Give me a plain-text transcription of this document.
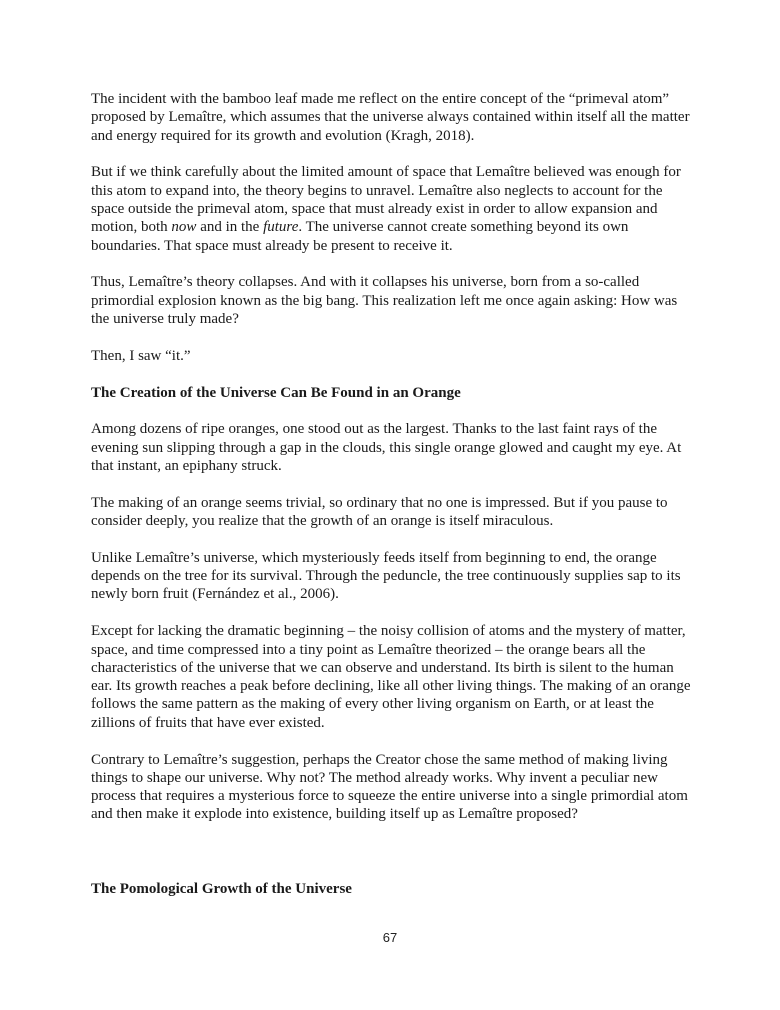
The incident with the bamboo leaf made me reflect on the entire concept of the “primeval atom” proposed by Lemaître, which assumes that the universe always contained within itself all the matter and energy required for its growth and evolution (Kragh, 2018).

But if we think carefully about the limited amount of space that Lemaître believed was enough for this atom to expand into, the theory begins to unravel. Lemaître also neglects to account for the space outside the primeval atom, space that must already exist in order to allow expansion and motion, both now and in the future. The universe cannot create something beyond its own boundaries. That space must already be present to receive it.

Thus, Lemaître’s theory collapses. And with it collapses his universe, born from a so-called primordial explosion known as the big bang. This realization left me once again asking: How was the universe truly made?

Then, I saw “it.”

The Creation of the Universe Can Be Found in an Orange

Among dozens of ripe oranges, one stood out as the largest. Thanks to the last faint rays of the evening sun slipping through a gap in the clouds, this single orange glowed and caught my eye. At that instant, an epiphany struck.

The making of an orange seems trivial, so ordinary that no one is impressed. But if you pause to consider deeply, you realize that the growth of an orange is itself miraculous.

Unlike Lemaître’s universe, which mysteriously feeds itself from beginning to end, the orange depends on the tree for its survival. Through the peduncle, the tree continuously supplies sap to its newly born fruit (Fernández et al., 2006).

Except for lacking the dramatic beginning – the noisy collision of atoms and the mystery of matter, space, and time compressed into a tiny point as Lemaître theorized – the orange bears all the characteristics of the universe that we can observe and understand. Its birth is silent to the human ear. Its growth reaches a peak before declining, like all other living things. The making of an orange follows the same pattern as the making of every other living organism on Earth, or at least the zillions of fruits that have ever existed.

Contrary to Lemaître’s suggestion, perhaps the Creator chose the same method of making living things to shape our universe. Why not? The method already works. Why invent a peculiar new process that requires a mysterious force to squeeze the entire universe into a single primordial atom and then make it explode into existence, building itself up as Lemaître proposed?

The Pomological Growth of the Universe
67
